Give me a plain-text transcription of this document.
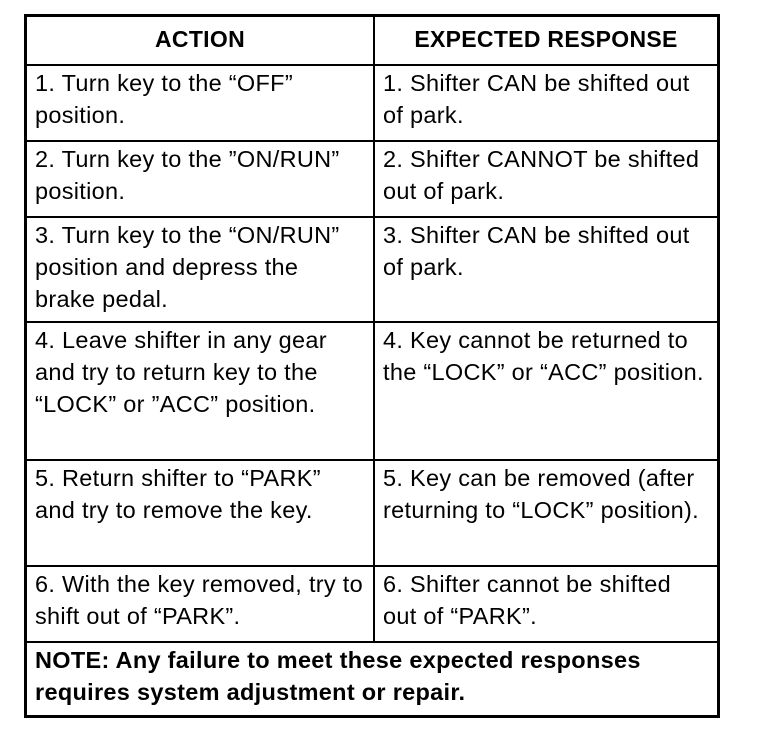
ACTION	EXPECTED RESPONSE
1. Turn key to the “OFF” position.	1. Shifter CAN be shifted out of park.
2. Turn key to the ”ON/RUN” position.	2. Shifter CANNOT be shifted out of park.
3. Turn key to the “ON/RUN” position and depress the brake pedal.	3. Shifter CAN be shifted out of park.
4. Leave shifter in any gear and try to return key to the “LOCK” or ”ACC” position.	4. Key cannot be returned to the “LOCK” or “ACC” position.
5. Return shifter to “PARK” and try to remove the key.	5. Key can be removed (after returning to “LOCK” position).
6. With the key removed, try to shift out of “PARK”.	6. Shifter cannot be shifted out of “PARK”.
NOTE: Any failure to meet these expected responses requires system adjustment or repair.	
